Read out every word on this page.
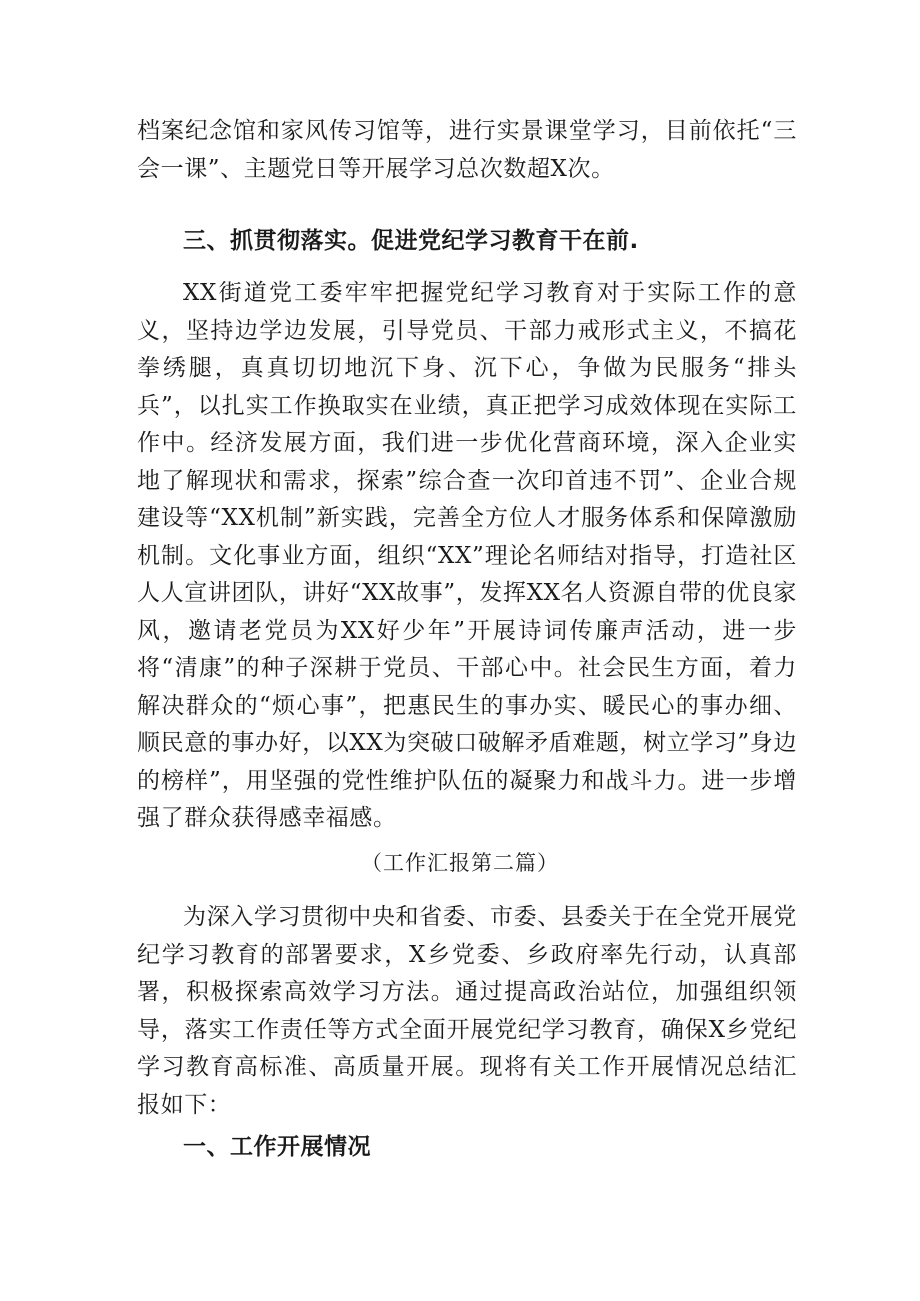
档案纪念馆和家风传习馆等，进行实景课堂学习，目前依托“三会一课”、主题党日等开展学习总次数超X次。

三、抓贯彻落实。促进党纪学习教育干在前.

XX街道党工委牢牢把握党纪学习教育对于实际工作的意义，坚持边学边发展，引导党员、干部力戒形式主义，不搞花拳绣腿，真真切切地沉下身、沉下心，争做为民服务“排头兵”，以扎实工作换取实在业绩，真正把学习成效体现在实际工作中。经济发展方面，我们进一步优化营商环境，深入企业实地了解现状和需求，探索”综合查一次印首违不罚”、企业合规建设等“XX机制”新实践，完善全方位人才服务体系和保障激励机制。文化事业方面，组织“XX”理论名师结对指导，打造社区人人宣讲团队，讲好“XX故事”，发挥XX名人资源自带的优良家风，邀请老党员为XX好少年”开展诗词传廉声活动，进一步将“清康”的种子深耕于党员、干部心中。社会民生方面，着力解决群众的“烦心事”，把惠民生的事办实、暖民心的事办细、顺民意的事办好，以XX为突破口破解矛盾难题，树立学习”身边的榜样”，用坚强的党性维护队伍的凝聚力和战斗力。进一步增强了群众获得感幸福感。

（工作汇报第二篇）

为深入学习贯彻中央和省委、市委、县委关于在全党开展党纪学习教育的部署要求，X乡党委、乡政府率先行动，认真部署，积极探索高效学习方法。通过提高政治站位，加强组织领导，落实工作责任等方式全面开展党纪学习教育，确保X乡党纪学习教育高标准、高质量开展。现将有关工作开展情况总结汇报如下：

一、工作开展情况
